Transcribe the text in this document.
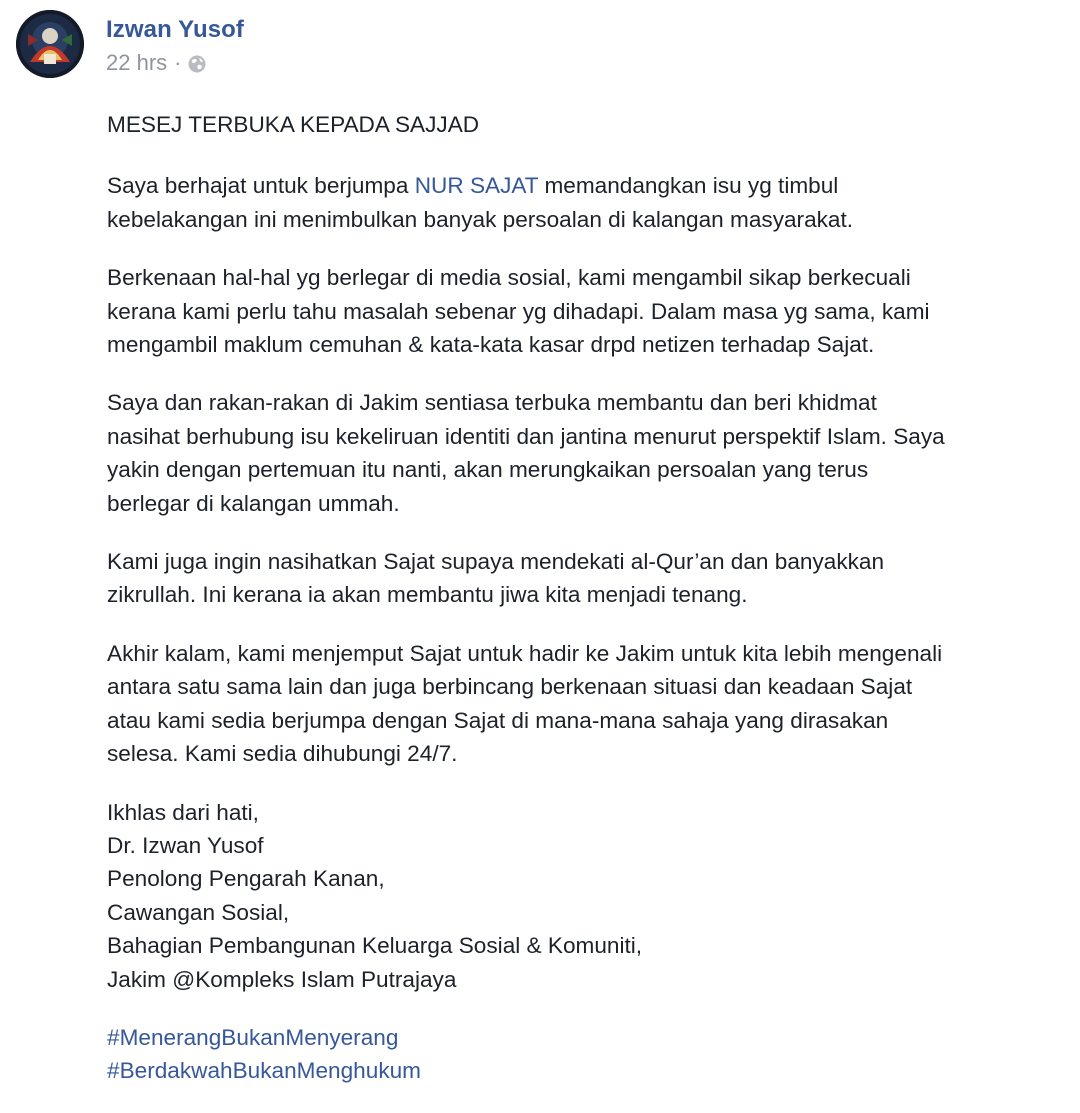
Izwan Yusof
22 hrs ·

MESEJ TERBUKA KEPADA SAJJAD

Saya berhajat untuk berjumpa NUR SAJAT memandangkan isu yg timbul
kebelakangan ini menimbulkan banyak persoalan di kalangan masyarakat.

Berkenaan hal-hal yg berlegar di media sosial, kami mengambil sikap berkecuali
kerana kami perlu tahu masalah sebenar yg dihadapi. Dalam masa yg sama, kami
mengambil maklum cemuhan & kata-kata kasar drpd netizen terhadap Sajat.

Saya dan rakan-rakan di Jakim sentiasa terbuka membantu dan beri khidmat
nasihat berhubung isu kekeliruan identiti dan jantina menurut perspektif Islam. Saya
yakin dengan pertemuan itu nanti, akan merungkaikan persoalan yang terus
berlegar di kalangan ummah.

Kami juga ingin nasihatkan Sajat supaya mendekati al-Qur’an dan banyakkan
zikrullah. Ini kerana ia akan membantu jiwa kita menjadi tenang.

Akhir kalam, kami menjemput Sajat untuk hadir ke Jakim untuk kita lebih mengenali
antara satu sama lain dan juga berbincang berkenaan situasi dan keadaan Sajat
atau kami sedia berjumpa dengan Sajat di mana-mana sahaja yang dirasakan
selesa. Kami sedia dihubungi 24/7.

Ikhlas dari hati,
Dr. Izwan Yusof
Penolong Pengarah Kanan,
Cawangan Sosial,
Bahagian Pembangunan Keluarga Sosial & Komuniti,
Jakim @Kompleks Islam Putrajaya

#MenerangBukanMenyerang
#BerdakwahBukanMenghukum
